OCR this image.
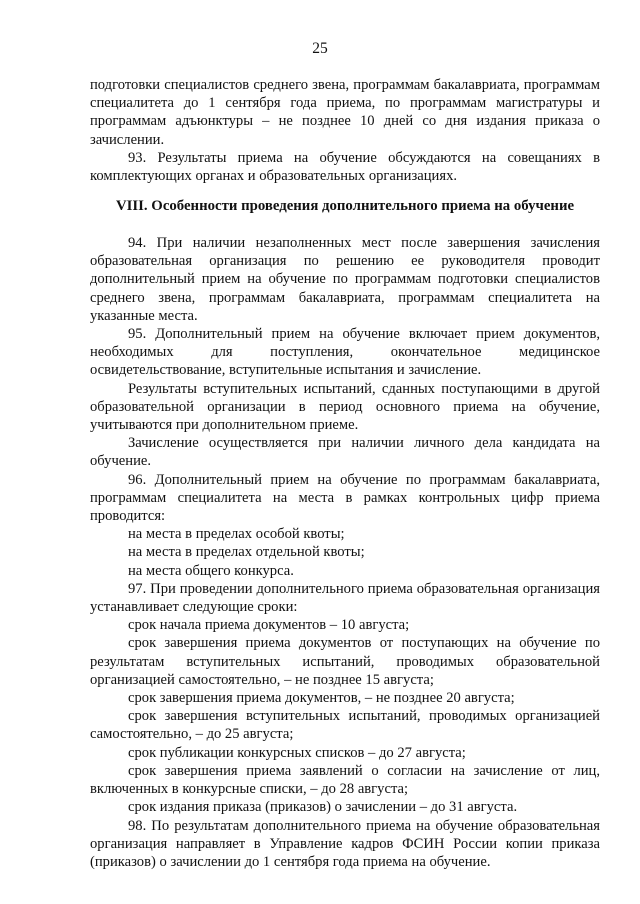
25

подготовки специалистов среднего звена, программам бакалавриата, программам специалитета до 1 сентября года приема, по программам магистратуры и программам адъюнктуры – не позднее 10 дней со дня издания приказа о зачислении.

93. Результаты приема на обучение обсуждаются на совещаниях в комплектующих органах и образовательных организациях.

VIII. Особенности проведения дополнительного приема на обучение

94. При наличии незаполненных мест после завершения зачисления образовательная организация по решению ее руководителя проводит дополнительный прием на обучение по программам подготовки специалистов среднего звена, программам бакалавриата, программам специалитета на указанные места.

95. Дополнительный прием на обучение включает прием документов, необходимых для поступления, окончательное медицинское освидетельствование, вступительные испытания и зачисление.

Результаты вступительных испытаний, сданных поступающими в другой образовательной организации в период основного приема на обучение, учитываются при дополнительном приеме.

Зачисление осуществляется при наличии личного дела кандидата на обучение.

96. Дополнительный прием на обучение по программам бакалавриата, программам специалитета на места в рамках контрольных цифр приема проводится:

на места в пределах особой квоты;

на места в пределах отдельной квоты;

на места общего конкурса.

97. При проведении дополнительного приема образовательная организация устанавливает следующие сроки:

срок начала приема документов – 10 августа;

срок завершения приема документов от поступающих на обучение по результатам вступительных испытаний, проводимых образовательной организацией самостоятельно, – не позднее 15 августа;

срок завершения приема документов, – не позднее 20 августа;

срок завершения вступительных испытаний, проводимых организацией самостоятельно, – до 25 августа;

срок публикации конкурсных списков – до 27 августа;

срок завершения приема заявлений о согласии на зачисление от лиц, включенных в конкурсные списки, – до 28 августа;

срок издания приказа (приказов) о зачислении – до 31 августа.

98. По результатам дополнительного приема на обучение образовательная организация направляет в Управление кадров ФСИН России копии приказа (приказов) о зачислении до 1 сентября года приема на обучение.
